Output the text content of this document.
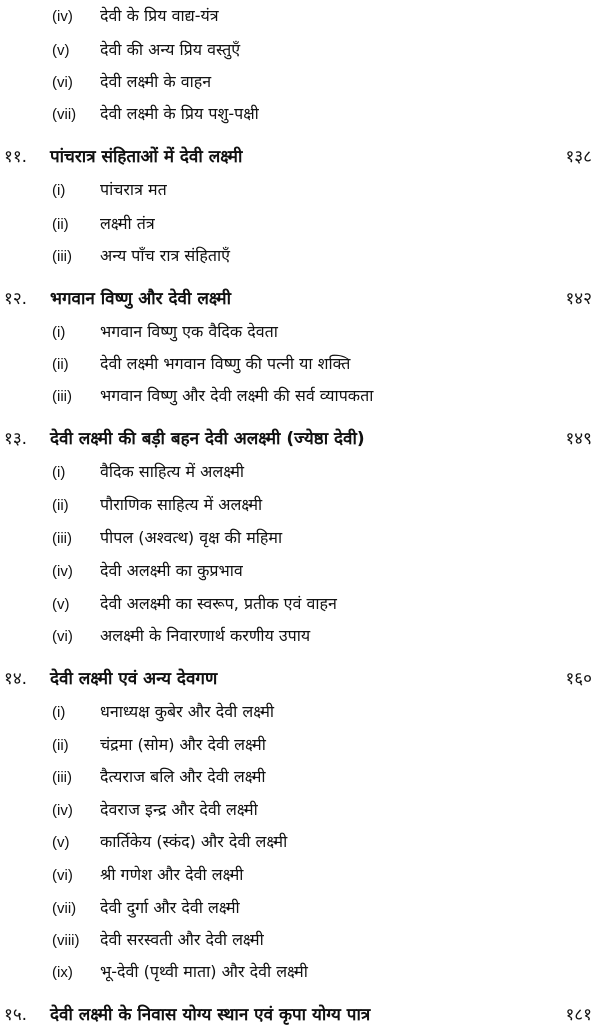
(iv) देवी के प्रिय वाद्य-यंत्र
(v) देवी की अन्य प्रिय वस्तुएँ
(vi) देवी लक्ष्मी के वाहन
(vii) देवी लक्ष्मी के प्रिय पशु-पक्षी
११. पांचरात्र संहिताओं में देवी लक्ष्मी	१३८
(i) पांचरात्र मत
(ii) लक्ष्मी तंत्र
(iii) अन्य पाँच रात्र संहिताएँ
१२. भगवान विष्णु और देवी लक्ष्मी	१४२
(i) भगवान विष्णु एक वैदिक देवता
(ii) देवी लक्ष्मी भगवान विष्णु की पत्नी या शक्ति
(iii) भगवान विष्णु और देवी लक्ष्मी की सर्व व्यापकता
१३. देवी लक्ष्मी की बड़ी बहन देवी अलक्ष्मी (ज्येष्ठा देवी)	१४९
(i) वैदिक साहित्य में अलक्ष्मी
(ii) पौराणिक साहित्य में अलक्ष्मी
(iii) पीपल (अश्वत्थ) वृक्ष की महिमा
(iv) देवी अलक्ष्मी का कुप्रभाव
(v) देवी अलक्ष्मी का स्वरूप, प्रतीक एवं वाहन
(vi) अलक्ष्मी के निवारणार्थ करणीय उपाय
१४. देवी लक्ष्मी एवं अन्य देवगण	१६०
(i) धनाध्यक्ष कुबेर और देवी लक्ष्मी
(ii) चंद्रमा (सोम) और देवी लक्ष्मी
(iii) दैत्यराज बलि और देवी लक्ष्मी
(iv) देवराज इन्द्र और देवी लक्ष्मी
(v) कार्तिकेय (स्कंद) और देवी लक्ष्मी
(vi) श्री गणेश और देवी लक्ष्मी
(vii) देवी दुर्गा और देवी लक्ष्मी
(viii) देवी सरस्वती और देवी लक्ष्मी
(ix) भू-देवी (पृथ्वी माता) और देवी लक्ष्मी
१५. देवी लक्ष्मी के निवास योग्य स्थान एवं कृपा योग्य पात्र	१८१
